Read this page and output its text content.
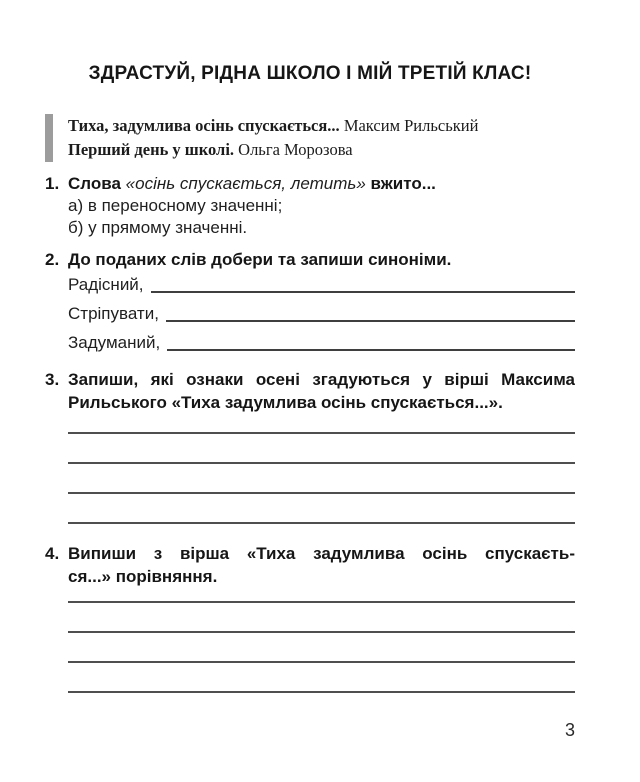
ЗДРАСТУЙ, РІДНА ШКОЛО І МІЙ ТРЕТІЙ КЛАС!
Тиха, задумлива осінь спускається... Максим Рильський
Перший день у школі. Ольга Морозова
1. Слова «осінь спускається, летить» вжито...
а) в переносному значенні;
б) у прямому значенні.
2. До поданих слів добери та запиши синоніми.
Радісний,
Стріпувати,
Задуманий,
3. Запиши, які ознаки осені згадуються у вірші Максима
Рильського «Тиха задумлива осінь спускається...».
4. Випиши з вірша «Тиха задумлива осінь спускаєть-
ся...» порівняння.
3
